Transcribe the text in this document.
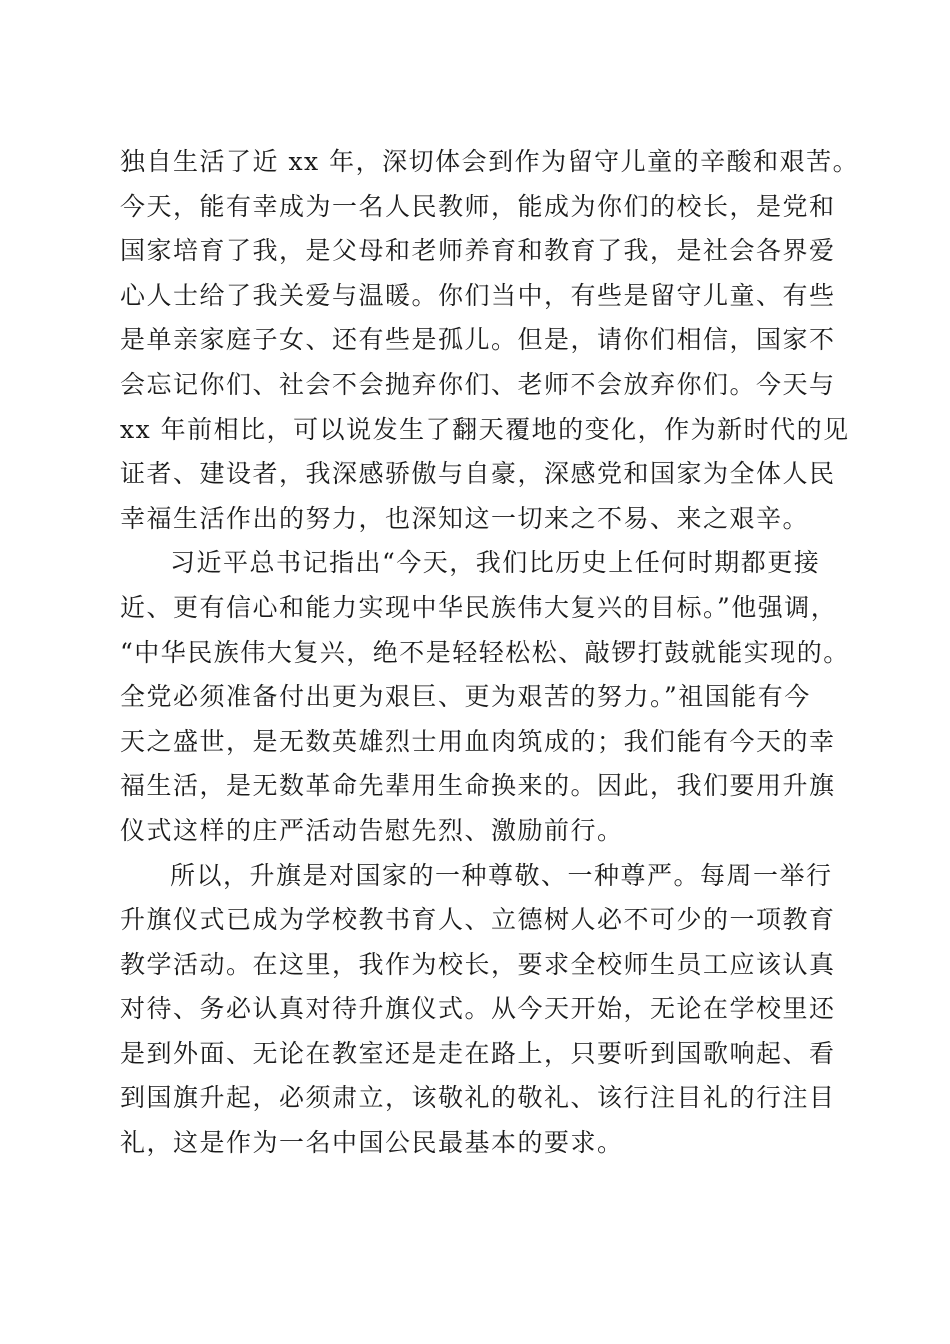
独自生活了近 xx 年，深切体会到作为留守儿童的辛酸和艰苦。
今天，能有幸成为一名人民教师，能成为你们的校长，是党和
国家培育了我，是父母和老师养育和教育了我，是社会各界爱
心人士给了我关爱与温暖。你们当中，有些是留守儿童、有些
是单亲家庭子女、还有些是孤儿。但是，请你们相信，国家不
会忘记你们、社会不会抛弃你们、老师不会放弃你们。今天与
xx 年前相比，可以说发生了翻天覆地的变化，作为新时代的见
证者、建设者，我深感骄傲与自豪，深感党和国家为全体人民
幸福生活作出的努力，也深知这一切来之不易、来之艰辛。
习近平总书记指出“今天，我们比历史上任何时期都更接
近、更有信心和能力实现中华民族伟大复兴的目标。”他强调，
“中华民族伟大复兴，绝不是轻轻松松、敲锣打鼓就能实现的。
全党必须准备付出更为艰巨、更为艰苦的努力。”祖国能有今
天之盛世，是无数英雄烈士用血肉筑成的；我们能有今天的幸
福生活，是无数革命先辈用生命换来的。因此，我们要用升旗
仪式这样的庄严活动告慰先烈、激励前行。
所以，升旗是对国家的一种尊敬、一种尊严。每周一举行
升旗仪式已成为学校教书育人、立德树人必不可少的一项教育
教学活动。在这里，我作为校长，要求全校师生员工应该认真
对待、务必认真对待升旗仪式。从今天开始，无论在学校里还
是到外面、无论在教室还是走在路上，只要听到国歌响起、看
到国旗升起，必须肃立，该敬礼的敬礼、该行注目礼的行注目
礼，这是作为一名中国公民最基本的要求。
